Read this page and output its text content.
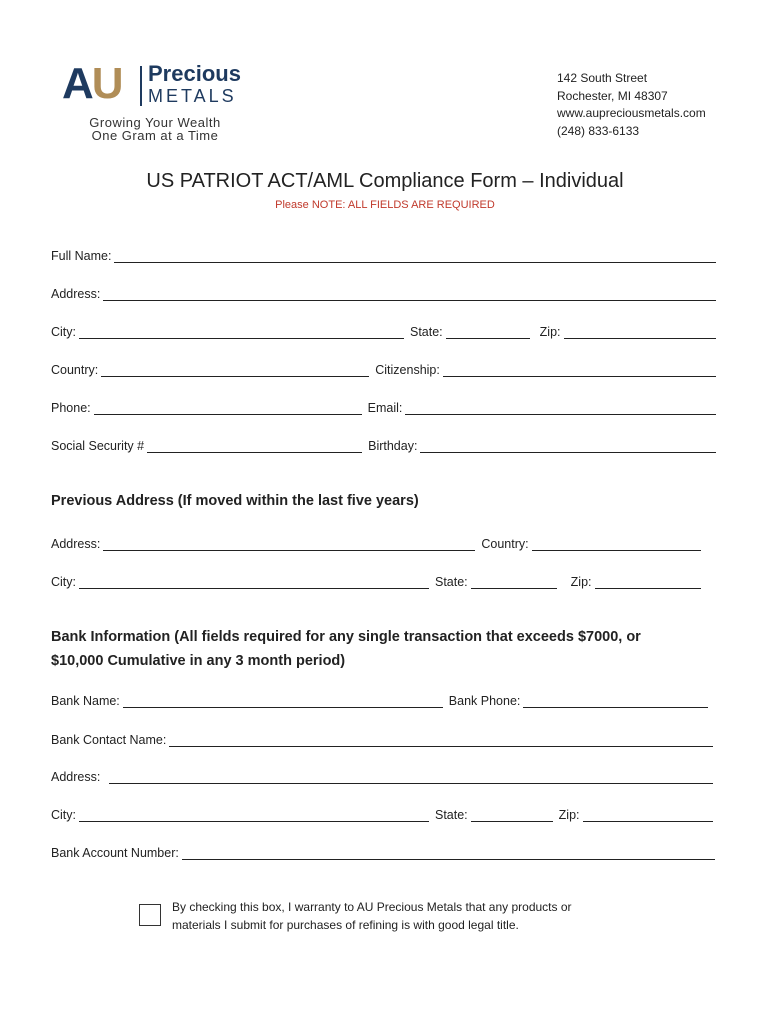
AU Precious
METALS
Growing Your Wealth
One Gram at a Time
142 South Street
Rochester, MI 48307
www.aupreciousmetals.com
(248) 833-6133
US PATRIOT ACT/AML Compliance Form – Individual
Please NOTE: ALL FIELDS ARE REQUIRED
Full Name:
Address:
City:	State:	Zip:
Country:	Citizenship:
Phone:	Email:
Social Security #	Birthday:
Previous Address (If moved within the last five years)
Address:	Country:
City:	State:	Zip:
Bank Information (All fields required for any single transaction that exceeds $7000, or
$10,000 Cumulative in any 3 month period)
Bank Name:	Bank Phone:
Bank Contact Name:
Address:
City:	State:	Zip:
Bank Account Number:
By checking this box, I warranty to AU Precious Metals that any products or
materials I submit for purchases of refining is with good legal title.
